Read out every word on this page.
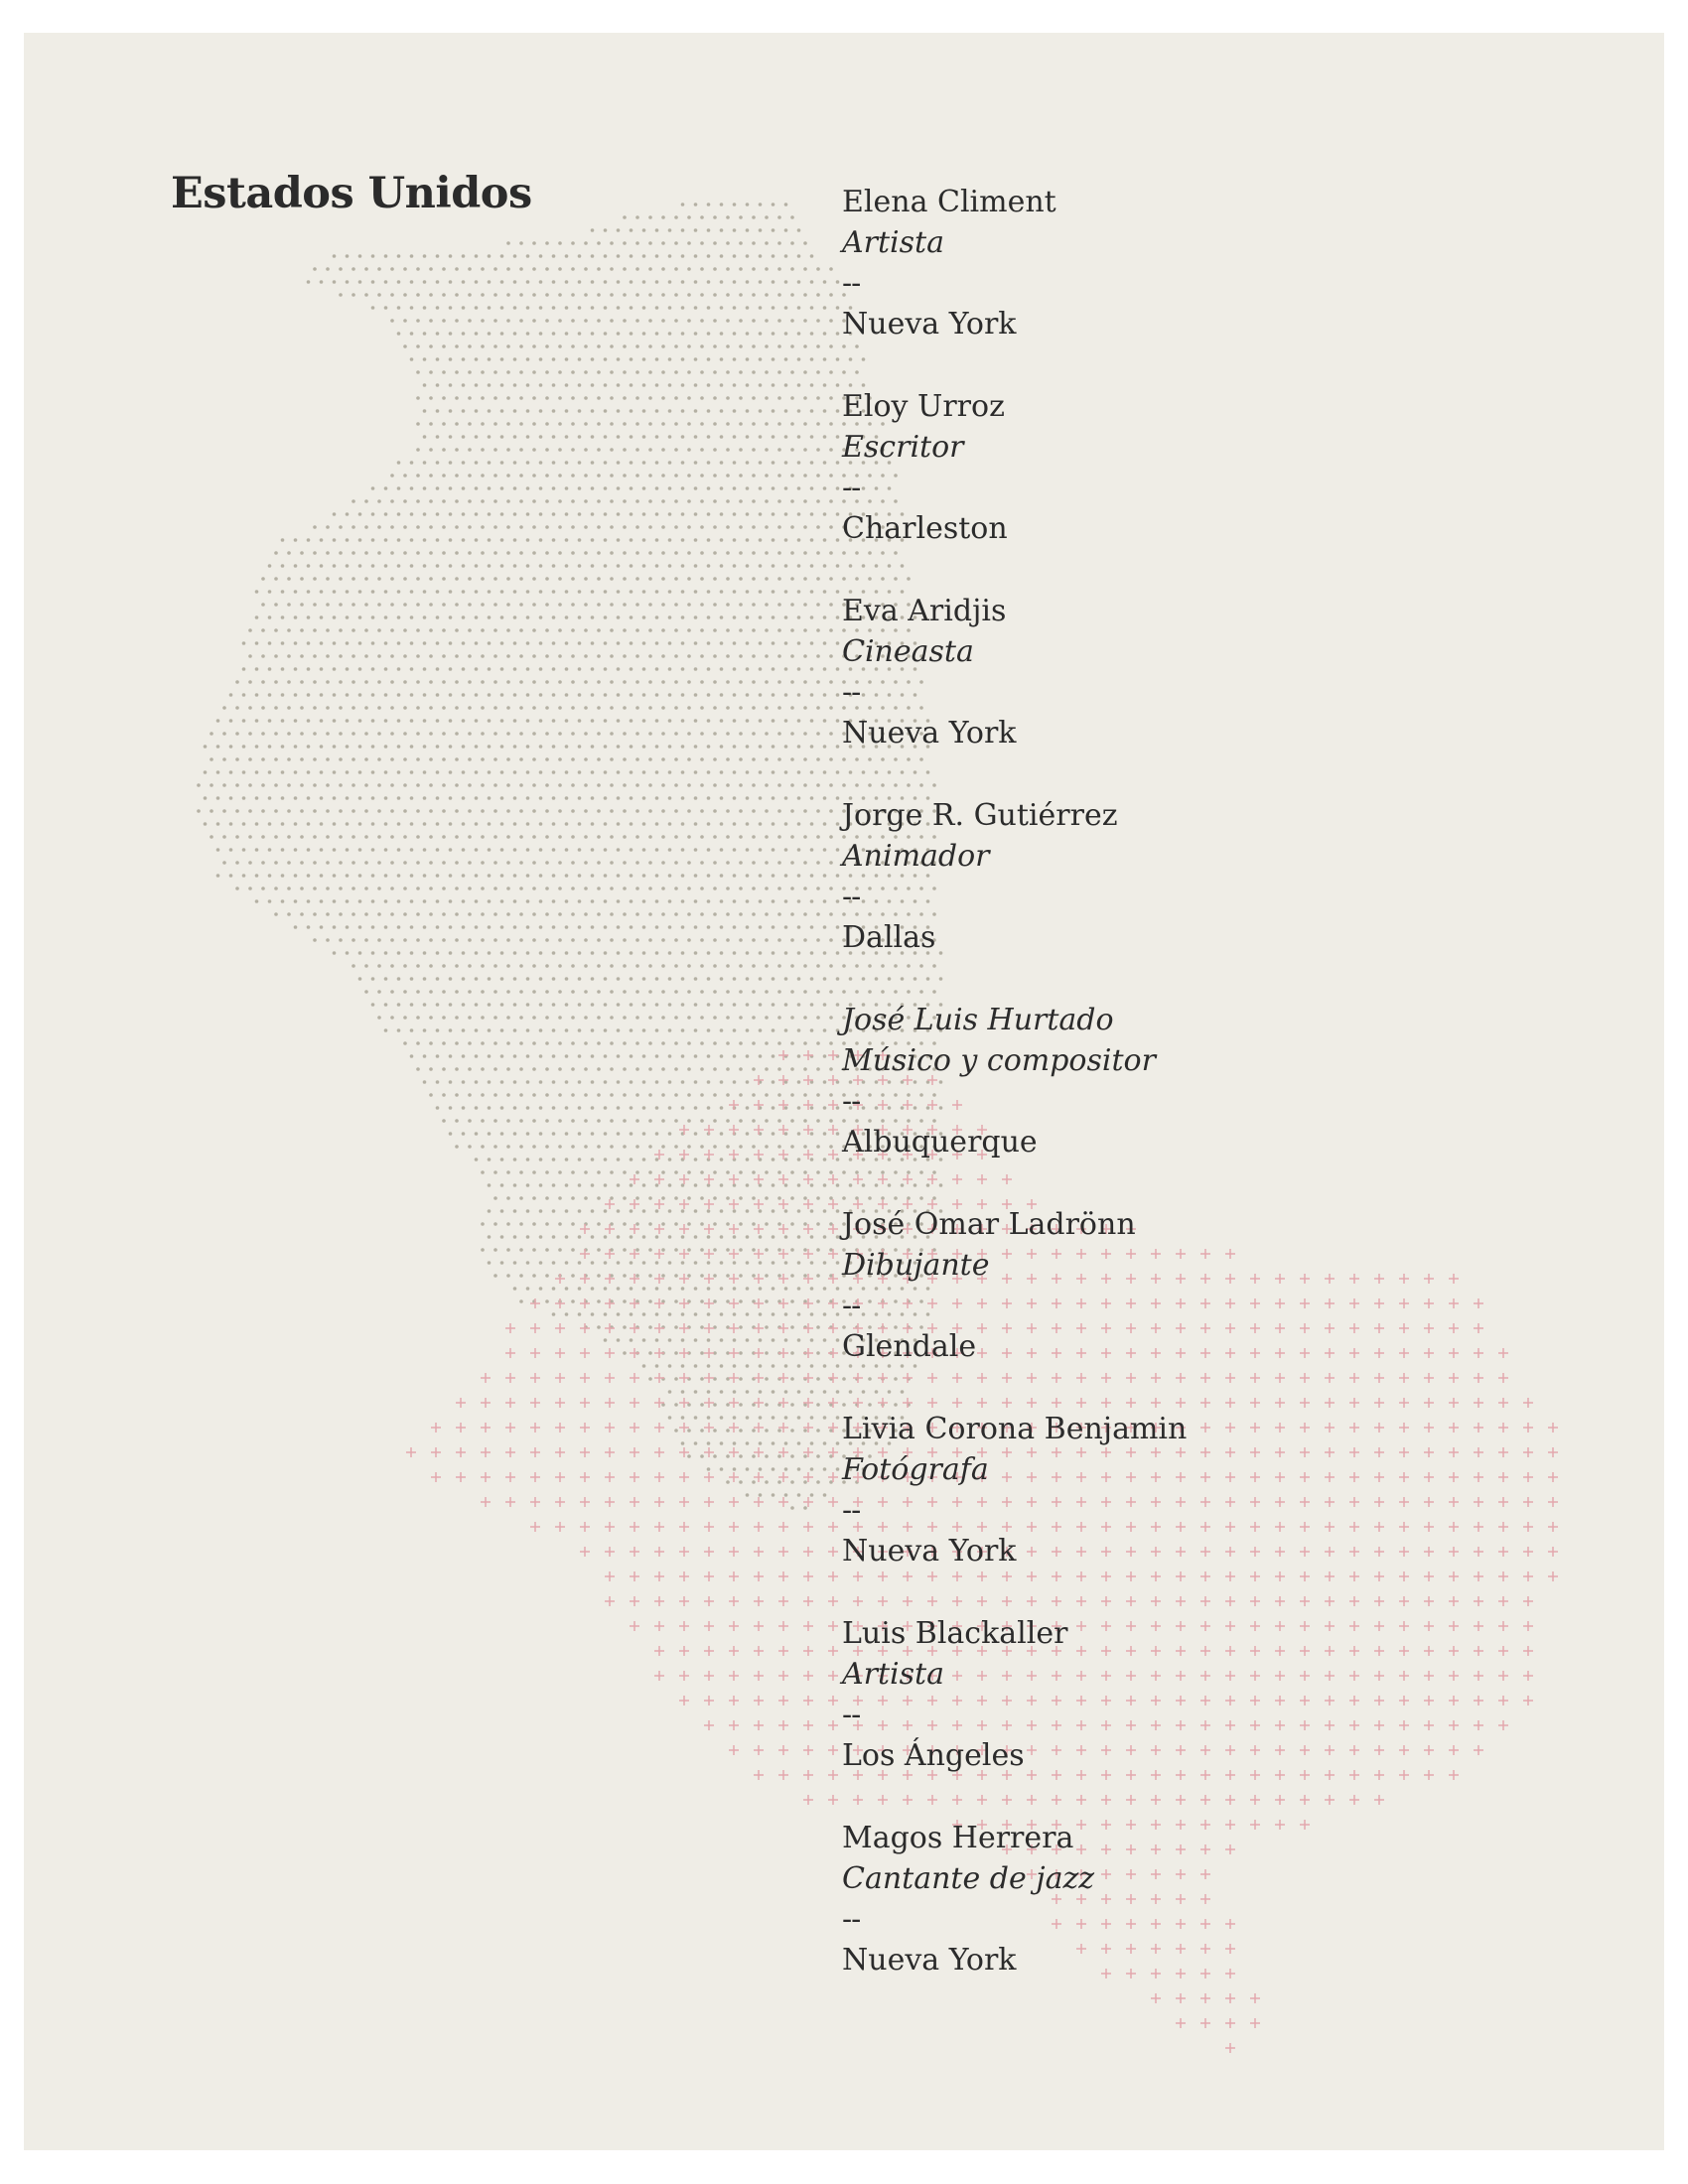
Estados Unidos	Elena Climent
Artista
--
Nueva York
Eloy Urroz
Escritor
--
Charleston
Eva Aridjis
Cineasta
--
Nueva York
Jorge R. Gutiérrez
Animador
--
Dallas
José Luis Hurtado
Músico y compositor
--
Albuquerque
José Omar Ladrönn
Dibujante
--
Glendale
Livia Corona Benjamin
Fotógrafa
--
Nueva York
Luis Blackaller
Artista
--
Los Ángeles
Magos Herrera
Cantante de jazz
--
Nueva York
